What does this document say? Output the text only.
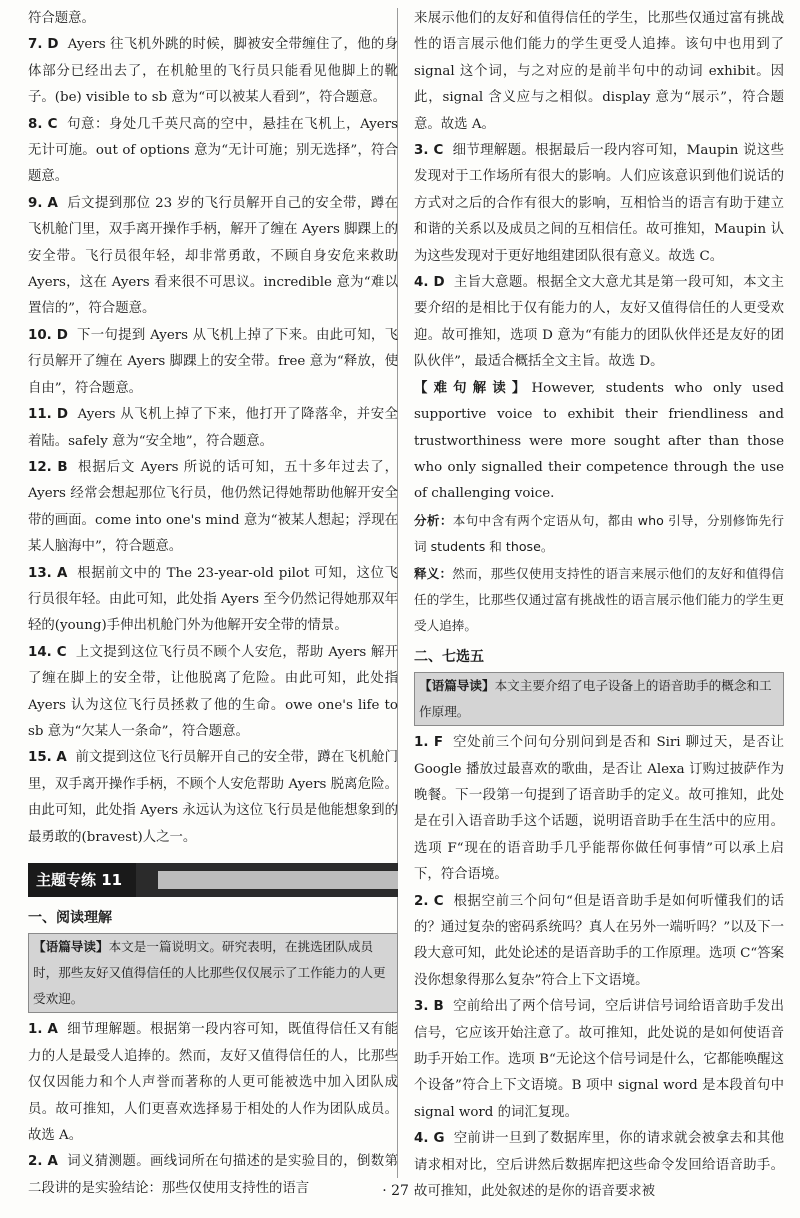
符合题意。

7. D Ayers 往飞机外跳的时候，脚被安全带缠住了，他的身体部分已经出去了，在机舱里的飞行员只能看见他脚上的靴子。(be) visible to sb 意为“可以被某人看到”，符合题意。

8. C 句意：身处几千英尺高的空中，悬挂在飞机上，Ayers 无计可施。out of options 意为“无计可施；别无选择”，符合题意。

9. A 后文提到那位 23 岁的飞行员解开自己的安全带，蹲在飞机舱门里，双手离开操作手柄，解开了缠在 Ayers 脚踝上的安全带。飞行员很年轻，却非常勇敢，不顾自身安危来救助 Ayers，这在 Ayers 看来很不可思议。incredible 意为“难以置信的”，符合题意。

10. D 下一句提到 Ayers 从飞机上掉了下来。由此可知，飞行员解开了缠在 Ayers 脚踝上的安全带。free 意为“释放，使自由”，符合题意。

11. D Ayers 从飞机上掉了下来，他打开了降落伞，并安全着陆。safely 意为“安全地”，符合题意。

12. B 根据后文 Ayers 所说的话可知，五十多年过去了，Ayers 经常会想起那位飞行员，他仍然记得她帮助他解开安全带的画面。come into one's mind 意为“被某人想起；浮现在某人脑海中”，符合题意。

13. A 根据前文中的 The 23-year-old pilot 可知，这位飞行员很年轻。由此可知，此处指 Ayers 至今仍然记得她那双年轻的(young)手伸出机舱门外为他解开安全带的情景。

14. C 上文提到这位飞行员不顾个人安危，帮助 Ayers 解开了缠在脚上的安全带，让他脱离了危险。由此可知，此处指 Ayers 认为这位飞行员拯救了他的生命。owe one's life to sb 意为“欠某人一条命”，符合题意。

15. A 前文提到这位飞行员解开自己的安全带，蹲在飞机舱门里，双手离开操作手柄，不顾个人安危帮助 Ayers 脱离危险。由此可知，此处指 Ayers 永远认为这位飞行员是他能想象到的最勇敢的(bravest)人之一。

主题专练 11
一、阅读理解
【语篇导读】本文是一篇说明文。研究表明，在挑选团队成员时，那些友好又值得信任的人比那些仅仅展示了工作能力的人更受欢迎。

1. A 细节理解题。根据第一段内容可知，既值得信任又有能力的人是最受人追捧的。然而，友好又值得信任的人，比那些仅仅因能力和个人声誉而著称的人更可能被选中加入团队成员。故可推知，人们更喜欢选择易于相处的人作为团队成员。故选 A。

2. A 词义猜测题。画线词所在句描述的是实验目的，倒数第二段讲的是实验结论：那些仅使用支持性的语言

来展示他们的友好和值得信任的学生，比那些仅通过富有挑战性的语言展示他们能力的学生更受人追捧。该句中也用到了 signal 这个词，与之对应的是前半句中的动词 exhibit。因此，signal 含义应与之相似。display 意为“展示”，符合题意。故选 A。

3. C 细节理解题。根据最后一段内容可知，Maupin 说这些发现对于工作场所有很大的影响。人们应该意识到他们说话的方式对之后的合作有很大的影响，互相恰当的语言有助于建立和谐的关系以及成员之间的互相信任。故可推知，Maupin 认为这些发现对于更好地组建团队很有意义。故选 C。

4. D 主旨大意题。根据全文大意尤其是第一段可知，本文主要介绍的是相比于仅有能力的人，友好又值得信任的人更受欢迎。故可推知，选项 D 意为“有能力的团队伙伴还是友好的团队伙伴”，最适合概括全文主旨。故选 D。

【难句解读】However, students who only used supportive voice to exhibit their friendliness and trustworthiness were more sought after than those who only signalled their competence through the use of challenging voice.

分析：本句中含有两个定语从句，都由 who 引导，分别修饰先行词 students 和 those。

释义：然而，那些仅使用支持性的语言来展示他们的友好和值得信任的学生，比那些仅通过富有挑战性的语言展示他们能力的学生更受人追捧。

二、七选五
【语篇导读】本文主要介绍了电子设备上的语音助手的概念和工作原理。

1. F 空处前三个问句分别问到是否和 Siri 聊过天，是否让 Google 播放过最喜欢的歌曲，是否让 Alexa 订购过披萨作为晚餐。下一段第一句提到了语音助手的定义。故可推知，此处是在引入语音助手这个话题，说明语音助手在生活中的应用。选项 F“现在的语音助手几乎能帮你做任何事情”可以承上启下，符合语境。

2. C 根据空前三个问句“但是语音助手是如何听懂我们的话的？通过复杂的密码系统吗？真人在另外一端听吗？”以及下一段大意可知，此处论述的是语音助手的工作原理。选项 C“答案没你想象得那么复杂”符合上下文语境。

3. B 空前给出了两个信号词，空后讲信号词给语音助手发出信号，它应该开始注意了。故可推知，此处说的是如何使语音助手开始工作。选项 B“无论这个信号词是什么，它都能唤醒这个设备”符合上下文语境。B 项中 signal word 是本段首句中 signal word 的词汇复现。

4. G 空前讲一旦到了数据库里，你的请求就会被拿去和其他请求相对比，空后讲然后数据库把这些命令发回给语音助手。故可推知，此处叙述的是你的语音要求被

· 27 ·
